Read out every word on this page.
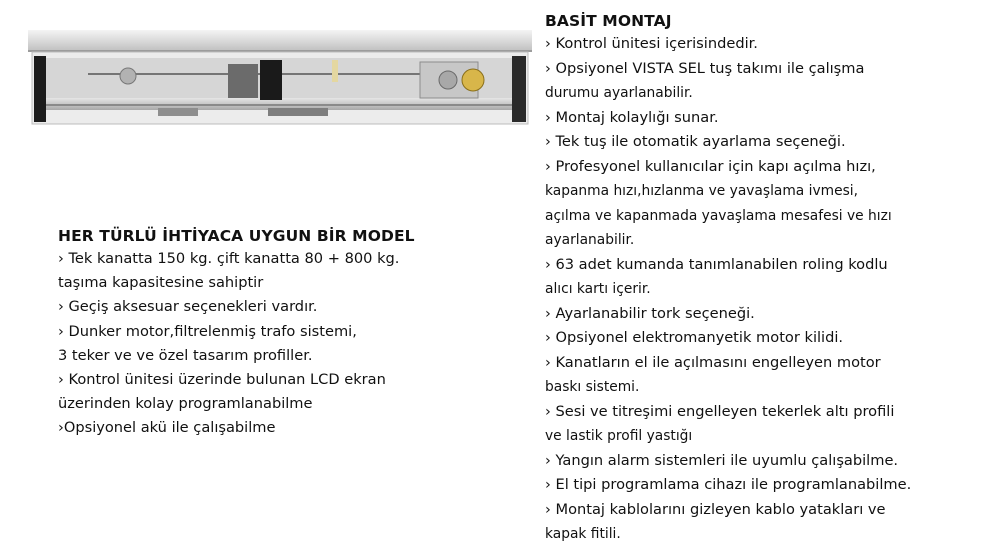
HER TÜRLÜ İHTİYACA UYGUN BİR MODEL
› Tek kanatta 150 kg. çift kanatta 80 + 800 kg.
taşıma kapasitesine sahiptir
› Geçiş aksesuar seçenekleri vardır.
› Dunker motor,filtrelenmiş trafo sistemi,
3 teker ve ve özel tasarım profiller.
› Kontrol ünitesi üzerinde bulunan LCD ekran
üzerinden kolay programlanabilme
›Opsiyonel akü ile çalışabilme
BASİT MONTAJ
› Kontrol ünitesi içerisindedir.
› Opsiyonel VISTA SEL tuş takımı ile çalışma
durumu ayarlanabilir.
› Montaj kolaylığı sunar.
› Tek tuş ile otomatik ayarlama seçeneği.
› Profesyonel kullanıcılar için kapı açılma hızı,
kapanma hızı,hızlanma ve yavaşlama ivmesi,
açılma ve kapanmada yavaşlama mesafesi ve hızı
ayarlanabilir.
› 63 adet kumanda tanımlanabilen roling kodlu
alıcı kartı içerir.
› Ayarlanabilir tork seçeneği.
› Opsiyonel elektromanyetik motor kilidi.
› Kanatların el ile açılmasını engelleyen motor
baskı sistemi.
› Sesi ve titreşimi engelleyen tekerlek altı profili
ve lastik profil yastığı
› Yangın alarm sistemleri ile uyumlu çalışabilme.
› El tipi programlama cihazı ile programlanabilme.
› Montaj kablolarını gizleyen kablo yatakları ve
kapak fitili.
